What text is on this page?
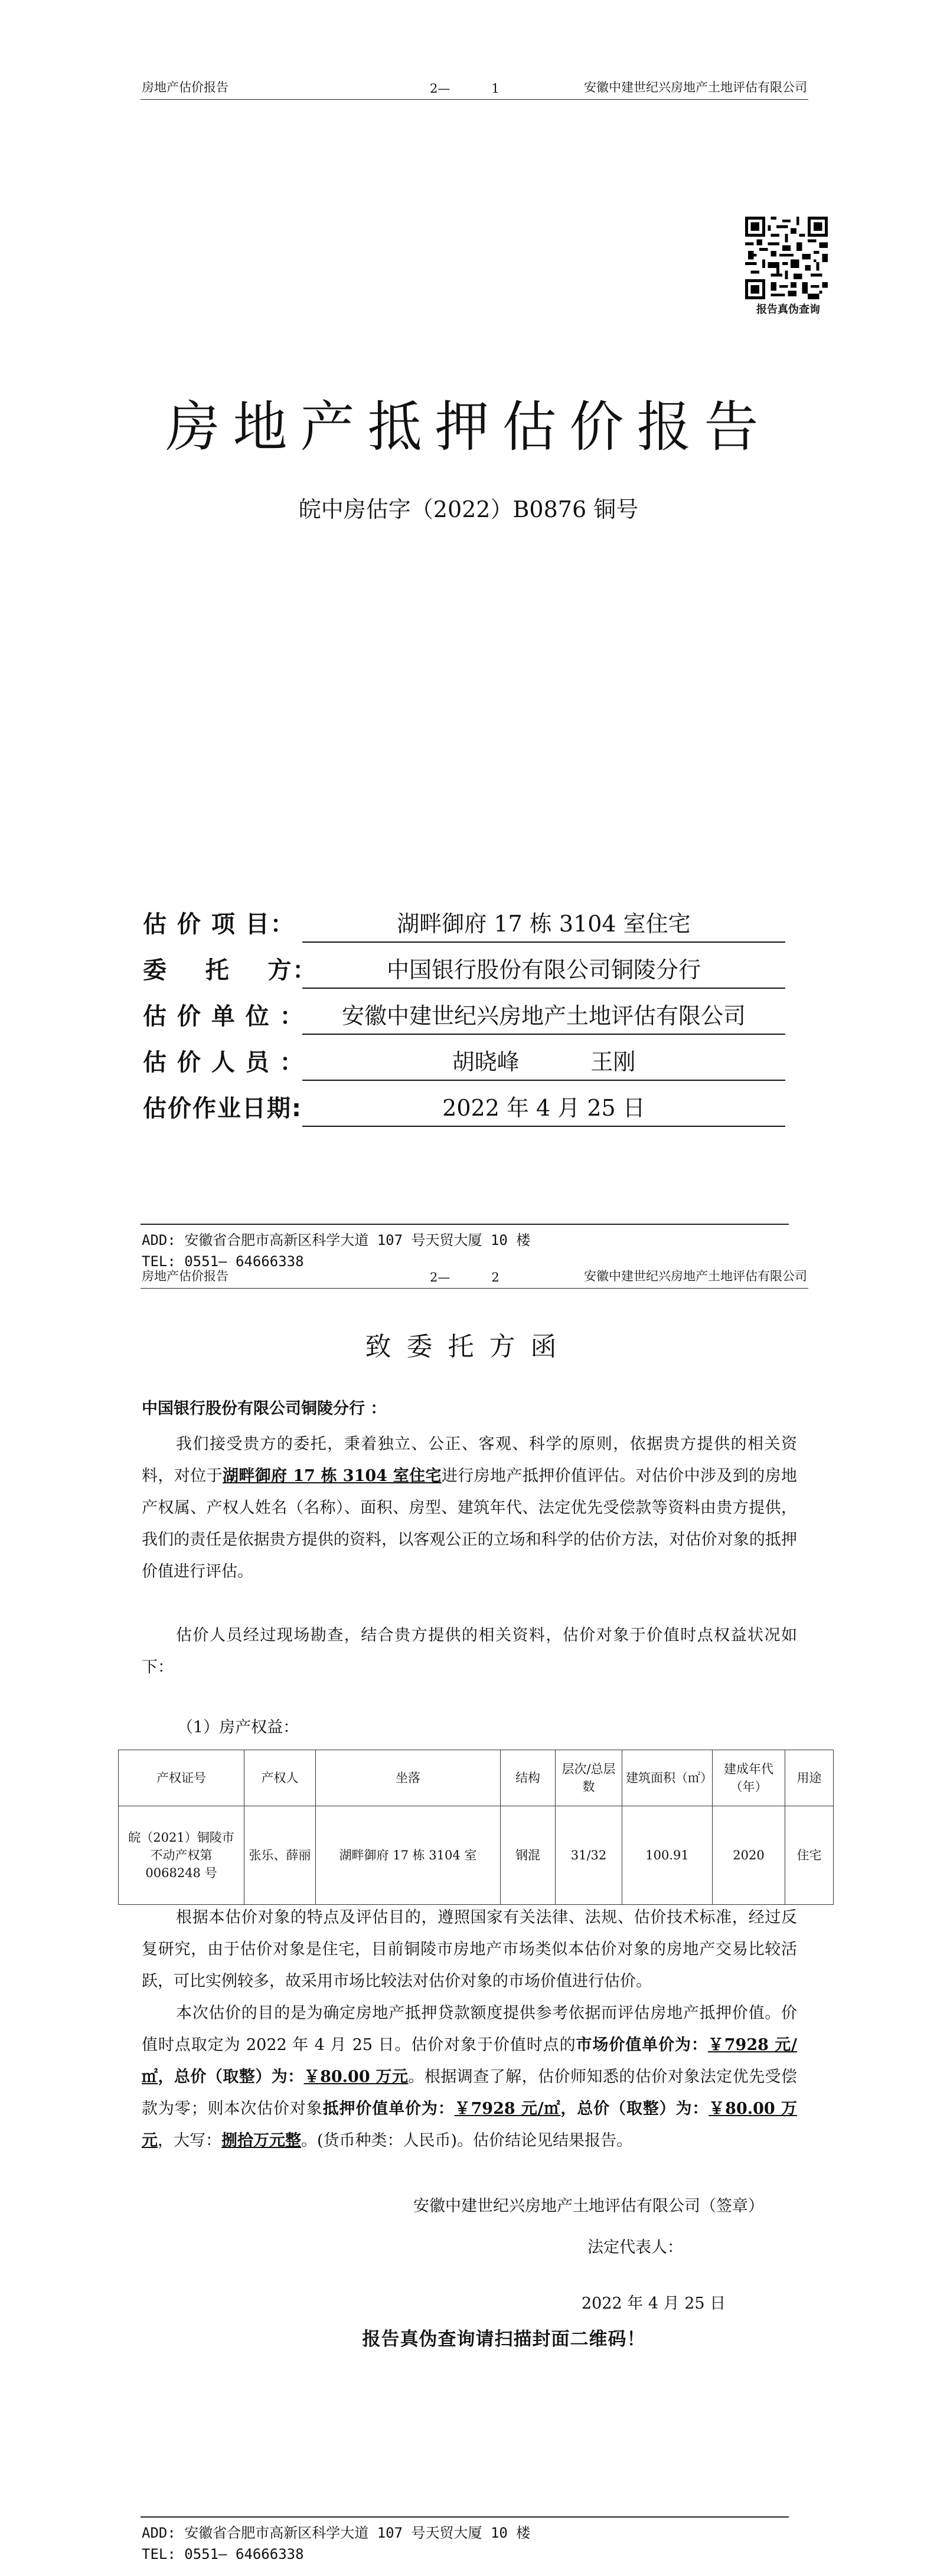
房地产估价报告	2—	1	安徽中建世纪兴房地产土地评估有限公司
报告真伪查询
房地产抵押估价报告
皖中房估字（2022）B0876 铜号
估 价 项 目：	湖畔御府 17 栋 3104 室住宅
委    托    方：	中国银行股份有限公司铜陵分行
估 价 单 位 ：	安徽中建世纪兴房地产土地评估有限公司
估 价 人 员 ：	胡晓峰          王刚
估价作业日期:	2022 年 4 月 25 日
ADD: 安徽省合肥市高新区科学大道 107 号天贸大厦 10 楼
TEL: 0551— 64666338
房地产估价报告	2—	2	安徽中建世纪兴房地产土地评估有限公司
致委托方函
中国银行股份有限公司铜陵分行 ：
我们接受贵方的委托，秉着独立、公正、客观、科学的原则，依据贵方提供的相关资料，对位于湖畔御府 17 栋 3104 室住宅进行房地产抵押价值评估。对估价中涉及到的房地产权属、产权人姓名（名称）、面积、房型、建筑年代、法定优先受偿款等资料由贵方提供，我们的责任是依据贵方提供的资料，以客观公正的立场和科学的估价方法，对估价对象的抵押价值进行评估。
估价人员经过现场勘查，结合贵方提供的相关资料，估价对象于价值时点权益状况如下：
（1）房产权益：
产权证号	产权人	坐落	结构	层次/总层数	建筑面积（㎡）	建成年代（年）	用途
皖（2021）铜陵市不动产权第 0068248 号	张乐、薛丽	湖畔御府 17 栋 3104 室	钢混	31/32	100.91	2020	住宅
根据本估价对象的特点及评估目的，遵照国家有关法律、法规、估价技术标准，经过反复研究，由于估价对象是住宅，目前铜陵市房地产市场类似本估价对象的房地产交易比较活跃，可比实例较多，故采用市场比较法对估价对象的市场价值进行估价。
本次估价的目的是为确定房地产抵押贷款额度提供参考依据而评估房地产抵押价值。价值时点取定为 2022 年 4 月 25 日。估价对象于价值时点的市场价值单价为：￥7928 元/㎡，总价（取整）为：￥80.00 万元。根据调查了解，估价师知悉的估价对象法定优先受偿款为零；则本次估价对象抵押价值单价为：￥7928 元/㎡，总价（取整）为：￥80.00 万元，大写：捌拾万元整。(货币种类：人民币)。估价结论见结果报告。
安徽中建世纪兴房地产土地评估有限公司（签章）
法定代表人：
2022 年 4 月 25 日
报告真伪查询请扫描封面二维码！
ADD: 安徽省合肥市高新区科学大道 107 号天贸大厦 10 楼
TEL: 0551— 64666338
